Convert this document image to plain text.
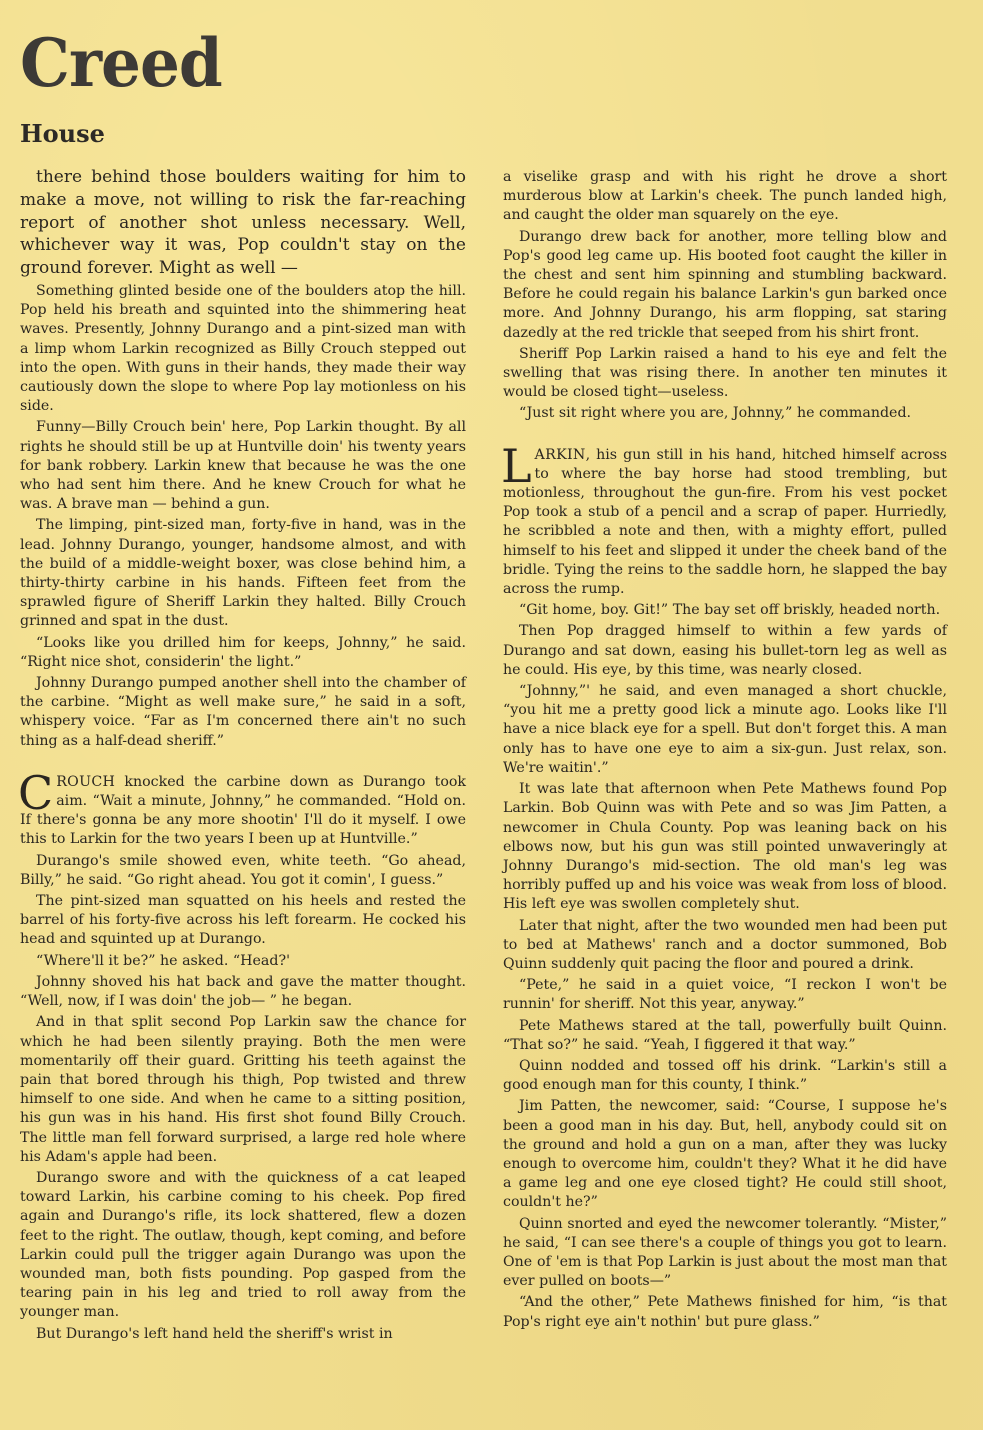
Creed
House

there behind those boulders waiting for him to make a move, not willing to risk the far-reaching report of another shot unless necessary. Well, whichever way it was, Pop couldn't stay on the ground forever. Might as well —

Something glinted beside one of the boulders atop the hill. Pop held his breath and squinted into the shimmering heat waves. Presently, Johnny Durango and a pint-sized man with a limp whom Larkin recognized as Billy Crouch stepped out into the open. With guns in their hands, they made their way cautiously down the slope to where Pop lay motionless on his side.

Funny—Billy Crouch bein' here, Pop Larkin thought. By all rights he should still be up at Huntville doin' his twenty years for bank robbery. Larkin knew that because he was the one who had sent him there. And he knew Crouch for what he was. A brave man — behind a gun.

The limping, pint-sized man, forty-five in hand, was in the lead. Johnny Durango, younger, handsome almost, and with the build of a middle-weight boxer, was close behind him, a thirty-thirty carbine in his hands. Fifteen feet from the sprawled figure of Sheriff Larkin they halted. Billy Crouch grinned and spat in the dust.

“Looks like you drilled him for keeps, Johnny,” he said. “Right nice shot, considerin' the light.”

Johnny Durango pumped another shell into the chamber of the carbine. “Might as well make sure,” he said in a soft, whispery voice. “Far as I'm concerned there ain't no such thing as a half-dead sheriff.”

CROUCH knocked the carbine down as Durango took aim. “Wait a minute, Johnny,” he commanded. “Hold on. If there's gonna be any more shootin' I'll do it myself. I owe this to Larkin for the two years I been up at Huntville.”

Durango's smile showed even, white teeth. “Go ahead, Billy,” he said. “Go right ahead. You got it comin', I guess.”

The pint-sized man squatted on his heels and rested the barrel of his forty-five across his left forearm. He cocked his head and squinted up at Durango.

“Where'll it be?” he asked. “Head?'

Johnny shoved his hat back and gave the matter thought. “Well, now, if I was doin' the job— ” he began.

And in that split second Pop Larkin saw the chance for which he had been silently praying. Both the men were momentarily off their guard. Gritting his teeth against the pain that bored through his thigh, Pop twisted and threw himself to one side. And when he came to a sitting position, his gun was in his hand. His first shot found Billy Crouch. The little man fell forward surprised, a large red hole where his Adam's apple had been.

Durango swore and with the quickness of a cat leaped toward Larkin, his carbine coming to his cheek. Pop fired again and Durango's rifle, its lock shattered, flew a dozen feet to the right. The outlaw, though, kept coming, and before Larkin could pull the trigger again Durango was upon the wounded man, both fists pounding. Pop gasped from the tearing pain in his leg and tried to roll away from the younger man.

But Durango's left hand held the sheriff's wrist in

a viselike grasp and with his right he drove a short murderous blow at Larkin's cheek. The punch landed high, and caught the older man squarely on the eye.

Durango drew back for another, more telling blow and Pop's good leg came up. His booted foot caught the killer in the chest and sent him spinning and stumbling backward. Before he could regain his balance Larkin's gun barked once more. And Johnny Durango, his arm flopping, sat staring dazedly at the red trickle that seeped from his shirt front.

Sheriff Pop Larkin raised a hand to his eye and felt the swelling that was rising there. In another ten minutes it would be closed tight—useless.

“Just sit right where you are, Johnny,” he commanded.

LARKIN, his gun still in his hand, hitched himself across to where the bay horse had stood trembling, but motionless, throughout the gun-fire. From his vest pocket Pop took a stub of a pencil and a scrap of paper. Hurriedly, he scribbled a note and then, with a mighty effort, pulled himself to his feet and slipped it under the cheek band of the bridle. Tying the reins to the saddle horn, he slapped the bay across the rump.

“Git home, boy. Git!” The bay set off briskly, headed north.

Then Pop dragged himself to within a few yards of Durango and sat down, easing his bullet-torn leg as well as he could. His eye, by this time, was nearly closed.

“Johnny,”' he said, and even managed a short chuckle, “you hit me a pretty good lick a minute ago. Looks like I'll have a nice black eye for a spell. But don't forget this. A man only has to have one eye to aim a six-gun. Just relax, son. We're waitin'.”

It was late that afternoon when Pete Mathews found Pop Larkin. Bob Quinn was with Pete and so was Jim Patten, a newcomer in Chula County. Pop was leaning back on his elbows now, but his gun was still pointed unwaveringly at Johnny Durango's mid-section. The old man's leg was horribly puffed up and his voice was weak from loss of blood. His left eye was swollen completely shut.

Later that night, after the two wounded men had been put to bed at Mathews' ranch and a doctor summoned, Bob Quinn suddenly quit pacing the floor and poured a drink.

“Pete,” he said in a quiet voice, “I reckon I won't be runnin' for sheriff. Not this year, anyway.”

Pete Mathews stared at the tall, powerfully built Quinn. “That so?” he said. “Yeah, I figgered it that way.”

Quinn nodded and tossed off his drink. “Larkin's still a good enough man for this county, I think.”

Jim Patten, the newcomer, said: “Course, I suppose he's been a good man in his day. But, hell, anybody could sit on the ground and hold a gun on a man, after they was lucky enough to overcome him, couldn't they? What it he did have a game leg and one eye closed tight? He could still shoot, couldn't he?”

Quinn snorted and eyed the newcomer tolerantly. “Mister,” he said, “I can see there's a couple of things you got to learn. One of 'em is that Pop Larkin is just about the most man that ever pulled on boots—”

“And the other,” Pete Mathews finished for him, “is that Pop's right eye ain't nothin' but pure glass.”
